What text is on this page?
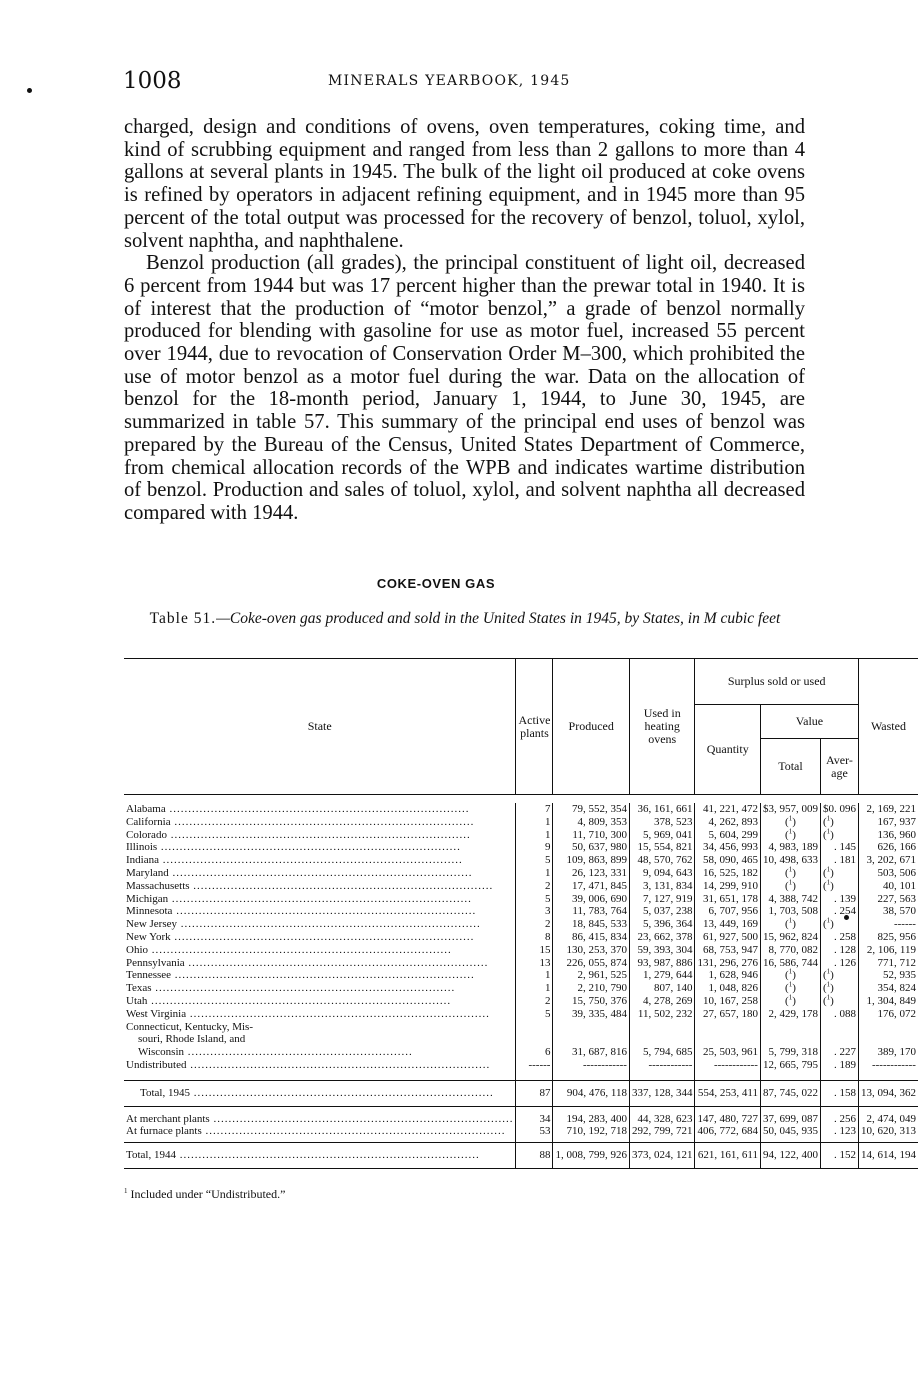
1008	MINERALS YEARBOOK, 1945

charged, design and conditions of ovens, oven temperatures, coking time, and kind of scrubbing equipment and ranged from less than 2 gallons to more than 4 gallons at several plants in 1945. The bulk of the light oil produced at coke ovens is refined by operators in adjacent refining equipment, and in 1945 more than 95 percent of the total output was processed for the recovery of benzol, toluol, xylol, solvent naphtha, and naphthalene.

Benzol production (all grades), the principal constituent of light oil, decreased 6 percent from 1944 but was 17 percent higher than the prewar total in 1940. It is of interest that the production of “motor benzol,” a grade of benzol normally produced for blending with gasoline for use as motor fuel, increased 55 percent over 1944, due to revocation of Conservation Order M–300, which prohibited the use of motor benzol as a motor fuel during the war. Data on the allocation of benzol for the 18-month period, January 1, 1944, to June 30, 1945, are summarized in table 57. This summary of the principal end uses of benzol was prepared by the Bureau of the Census, United States Department of Commerce, from chemical allocation records of the WPB and indicates wartime distribution of benzol. Production and sales of toluol, xylol, and solvent naphtha all decreased compared with 1944.

COKE-OVEN GAS
Table 51.—Coke-oven gas produced and sold in the United States in 1945, by States, in M cubic feet
State	Active plants	Produced	Used in heating ovens	Surplus sold or used			Wasted
				Quantity	Value		
					Total	Aver-age	

Alabama ................................................................................	7	79, 552, 354	36, 161, 661	41, 221, 472	$3, 957, 009	$0. 096	2, 169, 221
California ................................................................................	1	4, 809, 353	378, 523	4, 262, 893	($^1$)	($^1$)	167, 937
Colorado ................................................................................	1	11, 710, 300	5, 969, 041	5, 604, 299	($^1$)	($^1$)	136, 960
Illinois ................................................................................	9	50, 637, 980	15, 554, 821	34, 456, 993	4, 983, 189	. 145	626, 166
Indiana ................................................................................	5	109, 863, 899	48, 570, 762	58, 090, 465	10, 498, 633	. 181	3, 202, 671
Maryland ................................................................................	1	26, 123, 331	9, 094, 643	16, 525, 182	($^1$)	($^1$)	503, 506
Massachusetts ................................................................................	2	17, 471, 845	3, 131, 834	14, 299, 910	($^1$)	($^1$)	40, 101
Michigan ................................................................................	5	39, 006, 690	7, 127, 919	31, 651, 178	4, 388, 742	. 139	227, 563
Minnesota ................................................................................	3	11, 783, 764	5, 037, 238	6, 707, 956	1, 703, 508	. 254	38, 570
New Jersey ................................................................................	2	18, 845, 533	5, 396, 364	13, 449, 169	($^1$)	($^1$)	------
New York ................................................................................	8	86, 415, 834	23, 662, 378	61, 927, 500	15, 962, 824	. 258	825, 956
Ohio ................................................................................	15	130, 253, 370	59, 393, 304	68, 753, 947	8, 770, 082	. 128	2, 106, 119
Pennsylvania ................................................................................	13	226, 055, 874	93, 987, 886	131, 296, 276	16, 586, 744	. 126	771, 712
Tennessee ................................................................................	1	2, 961, 525	1, 279, 644	1, 628, 946	($^1$)	($^1$)	52, 935
Texas ................................................................................	1	2, 210, 790	807, 140	1, 048, 826	($^1$)	($^1$)	354, 824
Utah ................................................................................	2	15, 750, 376	4, 278, 269	10, 167, 258	($^1$)	($^1$)	1, 304, 849
West Virginia ................................................................................	5	39, 335, 484	11, 502, 232	27, 657, 180	2, 429, 178	. 088	176, 072

Connecticut, Kentucky, Mis-
souri, Rhode Island, and
Wisconsin ............................................................	6	31, 687, 816	5, 794, 685	25, 503, 961	5, 799, 318	. 227	389, 170
Undistributed ................................................................................	------	------------	------------	------------	12, 665, 795	. 189	------------

Total, 1945 ................................................................................	87	904, 476, 118	337, 128, 344	554, 253, 411	87, 745, 022	. 158	13, 094, 362

At merchant plants ................................................................................	34	194, 283, 400	44, 328, 623	147, 480, 727	37, 699, 087	. 256	2, 474, 049
At furnace plants ................................................................................	53	710, 192, 718	292, 799, 721	406, 772, 684	50, 045, 935	. 123	10, 620, 313

Total, 1944 ................................................................................	88	1, 008, 799, 926	373, 024, 121	621, 161, 611	94, 122, 400	. 152	14, 614, 194
$^1$ Included under “Undistributed.”
